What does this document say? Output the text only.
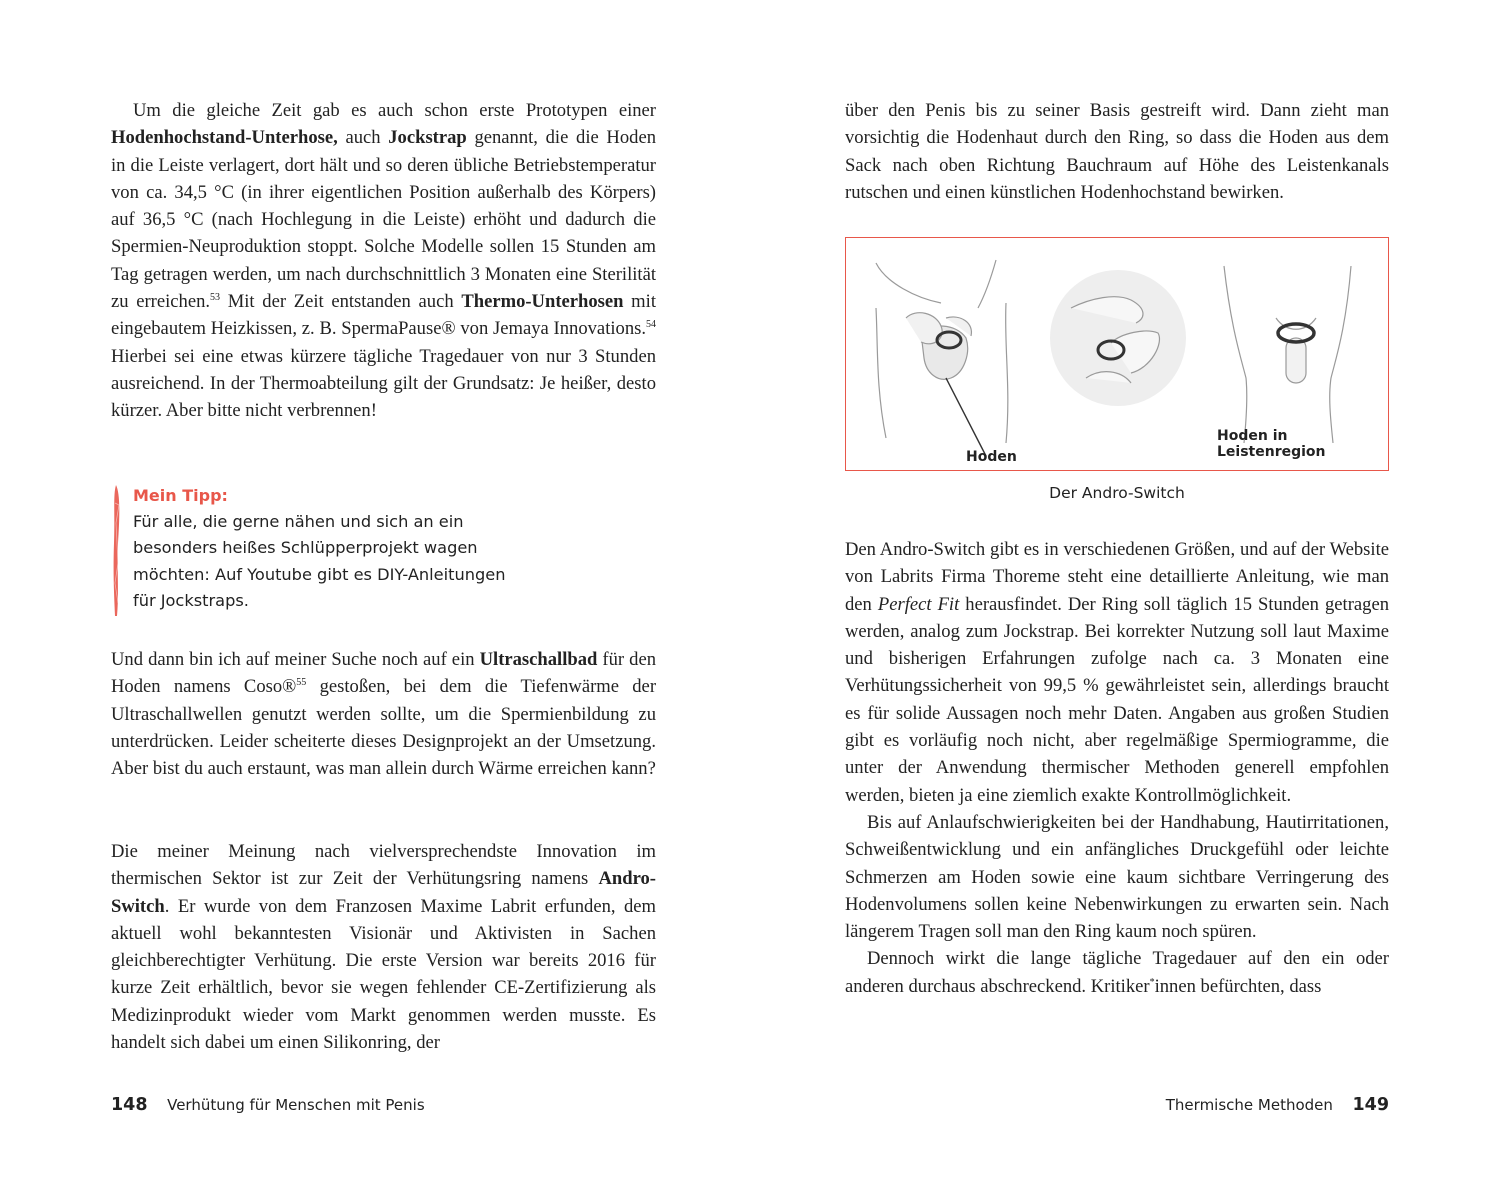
Um die gleiche Zeit gab es auch schon erste Prototypen einer Hodenhochstand-Unterhose, auch Jockstrap genannt, die die Hoden in die Leiste verlagert, dort hält und so deren übliche Betriebstemperatur von ca. 34,5 °C (in ihrer eigentlichen Position außerhalb des Körpers) auf 36,5 °C (nach Hochlegung in die Leiste) erhöht und dadurch die Spermien-Neuproduktion stoppt. Solche Modelle sollen 15 Stunden am Tag getragen werden, um nach durchschnittlich 3 Monaten eine Sterilität zu erreichen.$^{53}$ Mit der Zeit entstanden auch Thermo-Unterhosen mit eingebautem Heizkissen, z. B. SpermaPause® von Jemaya Innovations.$^{54}$ Hierbei sei eine etwas kürzere tägliche Tragedauer von nur 3 Stunden ausreichend. In der Thermoabteilung gilt der Grundsatz: Je heißer, desto kürzer. Aber bitte nicht verbrennen!

Mein Tipp:
Für alle, die gerne nähen und sich an ein
besonders heißes Schlüpperprojekt wagen
möchten: Auf Youtube gibt es DIY-Anleitungen
für Jockstraps.

Und dann bin ich auf meiner Suche noch auf ein Ultraschallbad für den Hoden namens Coso®$^{55}$ gestoßen, bei dem die Tiefenwärme der Ultraschallwellen genutzt werden sollte, um die Spermienbildung zu unterdrücken. Leider scheiterte dieses Designprojekt an der Umsetzung. Aber bist du auch erstaunt, was man allein durch Wärme erreichen kann?

Die meiner Meinung nach vielversprechendste Innovation im thermischen Sektor ist zur Zeit der Verhütungsring namens Andro-Switch. Er wurde von dem Franzosen Maxime Labrit erfunden, dem aktuell wohl bekanntesten Visionär und Aktivisten in Sachen gleichberechtigter Verhütung. Die erste Version war bereits 2016 für kurze Zeit erhältlich, bevor sie wegen fehlender CE-Zertifizierung als Medizinprodukt wieder vom Markt genommen werden musste. Es handelt sich dabei um einen Silikonring, der

148 Verhütung für Menschen mit Penis

über den Penis bis zu seiner Basis gestreift wird. Dann zieht man vorsichtig die Hodenhaut durch den Ring, so dass die Hoden aus dem Sack nach oben Richtung Bauchraum auf Höhe des Leistenkanals rutschen und einen künstlichen Hodenhochstand bewirken.

Hoden
Hoden in Leistenregion
Der Andro-Switch

Den Andro-Switch gibt es in verschiedenen Größen, und auf der Website von Labrits Firma Thoreme steht eine detaillierte Anleitung, wie man den Perfect Fit herausfindet. Der Ring soll täglich 15 Stunden getragen werden, analog zum Jockstrap. Bei korrekter Nutzung soll laut Maxime und bisherigen Erfahrungen zufolge nach ca. 3 Monaten eine Verhütungssicherheit von 99,5 % gewährleistet sein, allerdings braucht es für solide Aussagen noch mehr Daten. Angaben aus großen Studien gibt es vorläufig noch nicht, aber regelmäßige Spermiogramme, die unter der Anwendung thermischer Methoden generell empfohlen werden, bieten ja eine ziemlich exakte Kontrollmöglichkeit.

Bis auf Anlaufschwierigkeiten bei der Handhabung, Hautirritationen, Schweißentwicklung und ein anfängliches Druckgefühl oder leichte Schmerzen am Hoden sowie eine kaum sichtbare Verringerung des Hodenvolumens sollen keine Nebenwirkungen zu erwarten sein. Nach längerem Tragen soll man den Ring kaum noch spüren.

Dennoch wirkt die lange tägliche Tragedauer auf den ein oder anderen durchaus abschreckend. Kritiker*innen befürchten, dass

Thermische Methoden 149
